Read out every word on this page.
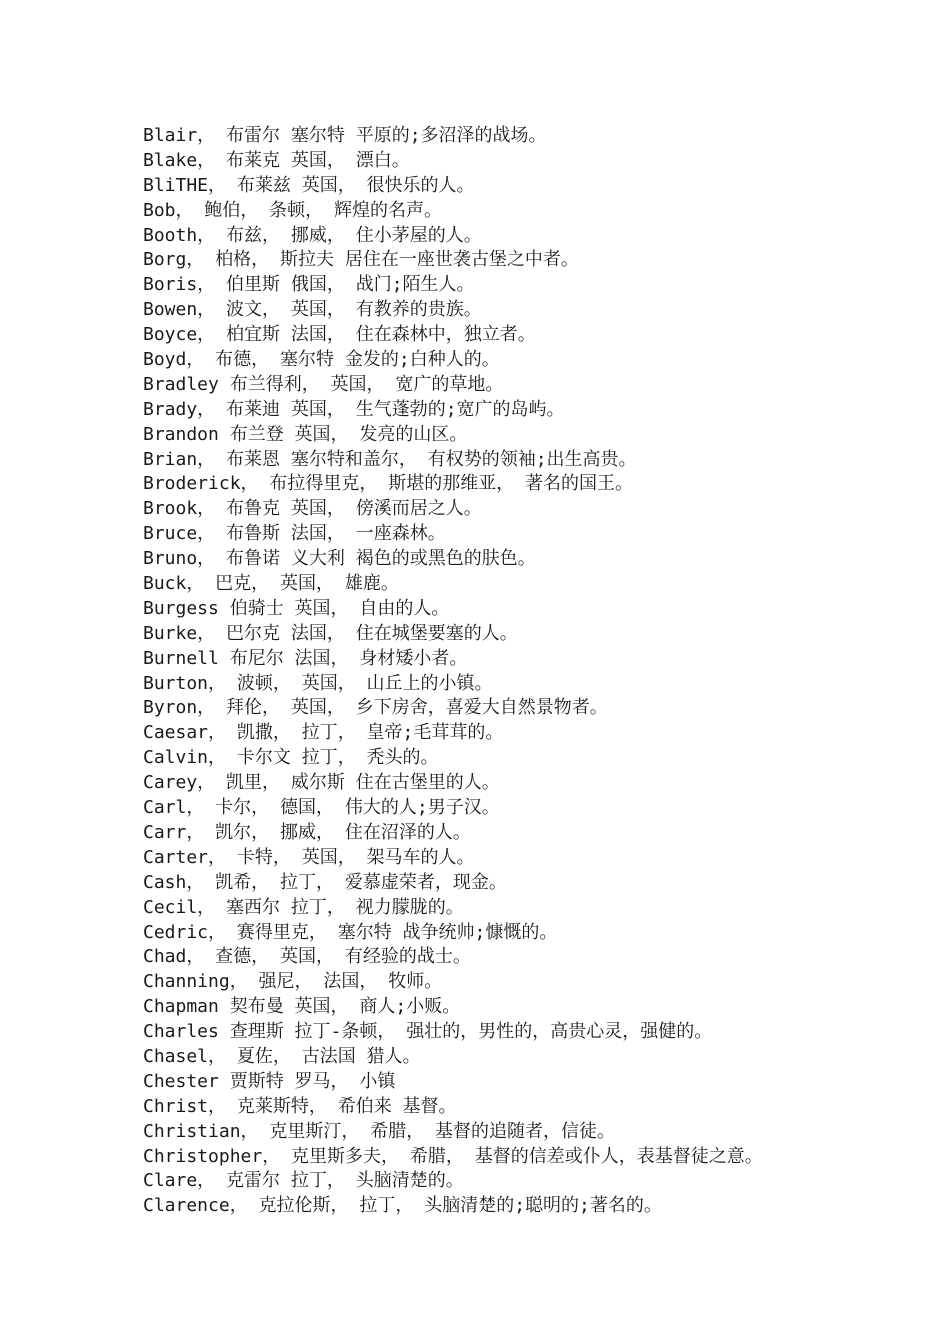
Blair， 布雷尔 塞尔特 平原的;多沼泽的战场。
Blake， 布莱克 英国， 漂白。
BliTHE， 布莱兹 英国， 很快乐的人。
Bob， 鲍伯， 条顿， 辉煌的名声。
Booth， 布兹， 挪威， 住小茅屋的人。
Borg， 柏格， 斯拉夫 居住在一座世袭古堡之中者。
Boris， 伯里斯 俄国， 战门;陌生人。
Bowen， 波文， 英国， 有教养的贵族。
Boyce， 柏宜斯 法国， 住在森林中，独立者。
Boyd， 布德， 塞尔特 金发的;白种人的。
Bradley 布兰得利， 英国， 宽广的草地。
Brady， 布莱迪 英国， 生气蓬勃的;宽广的岛屿。
Brandon 布兰登 英国， 发亮的山区。
Brian， 布莱恩 塞尔特和盖尔， 有权势的领袖;出生高贵。
Broderick， 布拉得里克， 斯堪的那维亚， 著名的国王。
Brook， 布鲁克 英国， 傍溪而居之人。
Bruce， 布鲁斯 法国， 一座森林。
Bruno， 布鲁诺 义大利 褐色的或黑色的肤色。
Buck， 巴克， 英国， 雄鹿。
Burgess 伯骑士 英国， 自由的人。
Burke， 巴尔克 法国， 住在城堡要塞的人。
Burnell 布尼尔 法国， 身材矮小者。
Burton， 波顿， 英国， 山丘上的小镇。
Byron， 拜伦， 英国， 乡下房舍，喜爱大自然景物者。
Caesar， 凯撒， 拉丁， 皇帝;毛茸茸的。
Calvin， 卡尔文 拉丁， 秃头的。
Carey， 凯里， 威尔斯 住在古堡里的人。
Carl， 卡尔， 德国， 伟大的人;男子汉。
Carr， 凯尔， 挪威， 住在沼泽的人。
Carter， 卡特， 英国， 架马车的人。
Cash， 凯希， 拉丁， 爱慕虚荣者，现金。
Cecil， 塞西尔 拉丁， 视力朦胧的。
Cedric， 赛得里克， 塞尔特 战争统帅;慷慨的。
Chad， 查德， 英国， 有经验的战士。
Channing， 强尼， 法国， 牧师。
Chapman 契布曼 英国， 商人;小贩。
Charles 查理斯 拉丁-条顿， 强壮的，男性的，高贵心灵，强健的。
Chasel， 夏佐， 古法国 猎人。
Chester 贾斯特 罗马， 小镇
Christ， 克莱斯特， 希伯来 基督。
Christian， 克里斯汀， 希腊， 基督的追随者，信徒。
Christopher， 克里斯多夫， 希腊， 基督的信差或仆人，表基督徒之意。
Clare， 克雷尔 拉丁， 头脑清楚的。
Clarence， 克拉伦斯， 拉丁， 头脑清楚的;聪明的;著名的。
